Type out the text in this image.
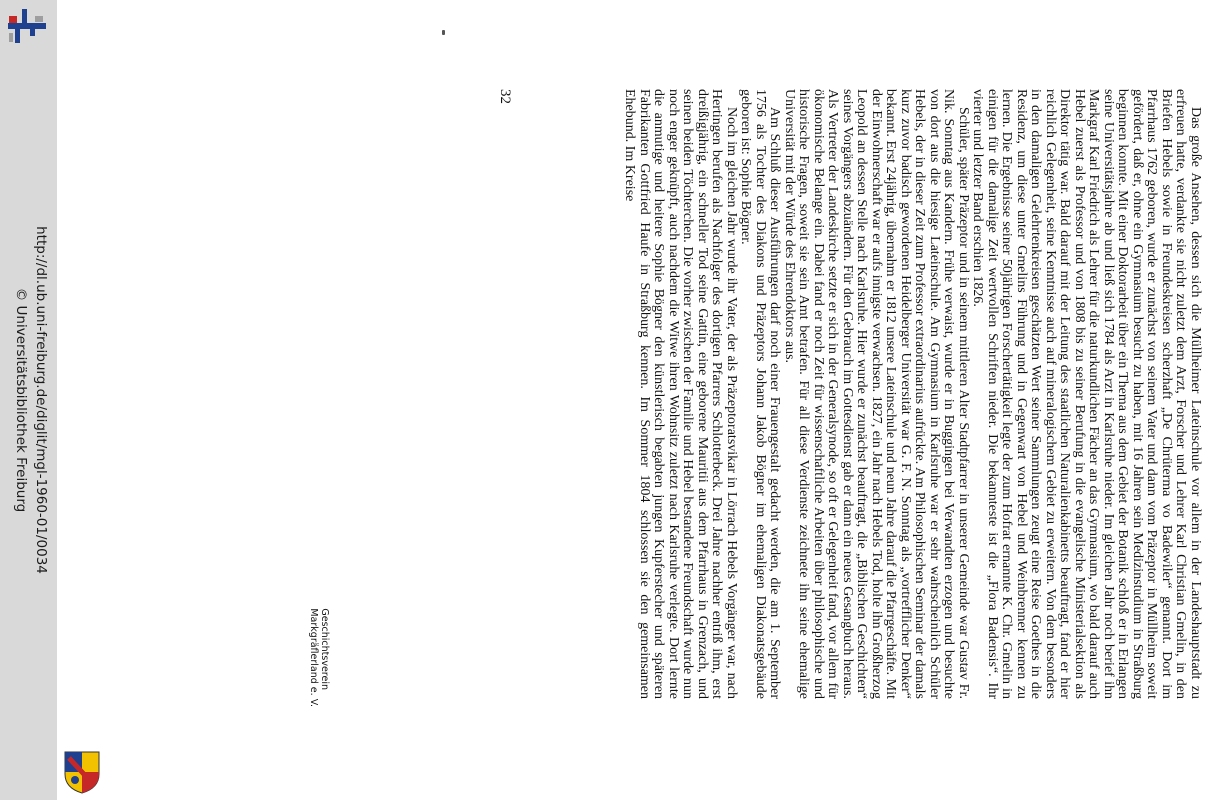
http://dl.ub.uni-freiburg.de/diglit/mgl-1960-01/0034
© Universitätsbibliothek Freiburg	Das große Ansehen, dessen sich die Müllheimer Lateinschule vor allem in der Landeshauptstadt zu erfreuen hatte, verdankte sie nicht zuletzt dem Arzt, Forscher und Lehrer Karl Christian Gmelin, in den Briefen Hebels sowie in Freundeskreisen scherzhaft „De Chrüterma vo Badewiler“ genannt. Dort im Pfarrhaus 1762 geboren, wurde er zunächst von seinem Vater und dann vom Präzeptor in Müllheim soweit gefördert, daß er, ohne ein Gymnasium besucht zu haben, mit 16 Jahren sein Medizinstudium in Straßburg beginnen konnte. Mit einer Doktorarbeit über ein Thema aus dem Gebiet der Botanik schloß er in Erlangen seine Universitätsjahre ab und ließ sich 1784 als Arzt in Karlsruhe nieder. Im gleichen Jahr noch berief ihn Markgraf Karl Friedrich als Lehrer für die naturkundlichen Fächer an das Gymnasium, wo bald darauf auch Hebel zuerst als Professor und von 1808 bis zu seiner Berufung in die evangelische Ministerialsektion als Direktor tätig war. Bald darauf mit der Leitung des staatlichen Naturalienkabinetts beauftragt, fand er hier reichlich Gelegenheit, seine Kenntnisse auch auf mineralogischem Gebiet zu erweitern. Von dem besonders in den damaligen Gelehrtenkreisen geschätzten Wert seiner Sammlungen zeugt eine Reise Goethes in die Residenz, um diese unter Gmelins Führung und in Gegenwart von Hebel und Weinbrenner kennen zu lernen. Die Ergebnisse seiner 50jährigen Forschertätigkeit legte der zum Hofrat ernannte K. Chr. Gmelin in einigen für die damalige Zeit wertvollen Schriften nieder. Die bekannteste ist die „Flora Badensis“. Ihr vierter und letzter Band erschien 1826.

Schüler, später Präzeptor und in seinem mittleren Alter Stadtpfarrer in unserer Gemeinde war Gustav Fr. Nik. Sonntag aus Kandern. Frühe verwaist, wurde er in Buggingen bei Verwandten erzogen und besuchte von dort aus die hiesige Lateinschule. Am Gymnasium in Karlsruhe war er sehr wahrscheinlich Schüler Hebels, der in dieser Zeit zum Professor extraordinarius aufrückte. Am Philosophischen Seminar der damals kurz zuvor badisch gewordenen Heidelberger Universität war G. F. N. Sonntag als „vortrefflicher Denker“ bekannt. Erst 24jährig, übernahm er 1812 unsere Lateinschule und neun Jahre darauf die Pfarrgeschäfte. Mit der Einwohnerschaft war er aufs innigste verwachsen. 1827, ein Jahr nach Hebels Tod, holte ihn Großherzog Leopold an dessen Stelle nach Karlsruhe. Hier wurde er zunächst beauftragt, die „Biblischen Geschichten“ seines Vorgängers abzuändern. Für den Gebrauch im Gottesdienst gab er dann ein neues Gesangbuch heraus. Als Vertreter der Landeskirche setzte er sich in der Generalsynode, so oft er Gelegenheit fand, vor allem für ökonomische Belange ein. Dabei fand er noch Zeit für wissenschaftliche Arbeiten über philosophische und historische Fragen, soweit sie sein Amt betrafen. Für all diese Verdienste zeichnete ihn seine ehemalige Universität mit der Würde des Ehrendoktors aus.

Am Schluß dieser Ausführungen darf noch einer Frauengestalt gedacht werden, die am 1. September 1756 als Tochter des Diakons und Präzeptors Johann Jakob Bögner im ehemaligen Diakonatsgebäude geboren ist: Sophie Bögner.

Noch im gleichen Jahr wurde ihr Vater, der als Präzeptoratsvikar in Lörrach Hebels Vorgänger war, nach Hertingen berufen als Nachfolger des dortigen Pfarrers Schlotterbeck. Drei Jahre nachher entriß ihm, erst dreißigjährig, ein schneller Tod seine Gattin, eine geborene Mauritii aus dem Pfarrhaus in Grenzach, und seinen beiden Töchterchen. Die vorher zwischen der Familie und Hebel bestandene Freundschaft wurde nun noch enger geknüpft, auch nachdem die Witwe ihren Wohnsitz zuletzt nach Karlsruhe verlegte. Dort lernte die anmutige und heitere Sophie Bögner den künstlerisch begabten jungen Kupferstecher und späteren Fabrikanten Gottfried Haufe in Straßburg kennen. Im Sommer 1804 schlossen sie den gemeinsamen Ehebund. Im Kreise

32
Geschichtsverein
Markgräflerland e. V.
